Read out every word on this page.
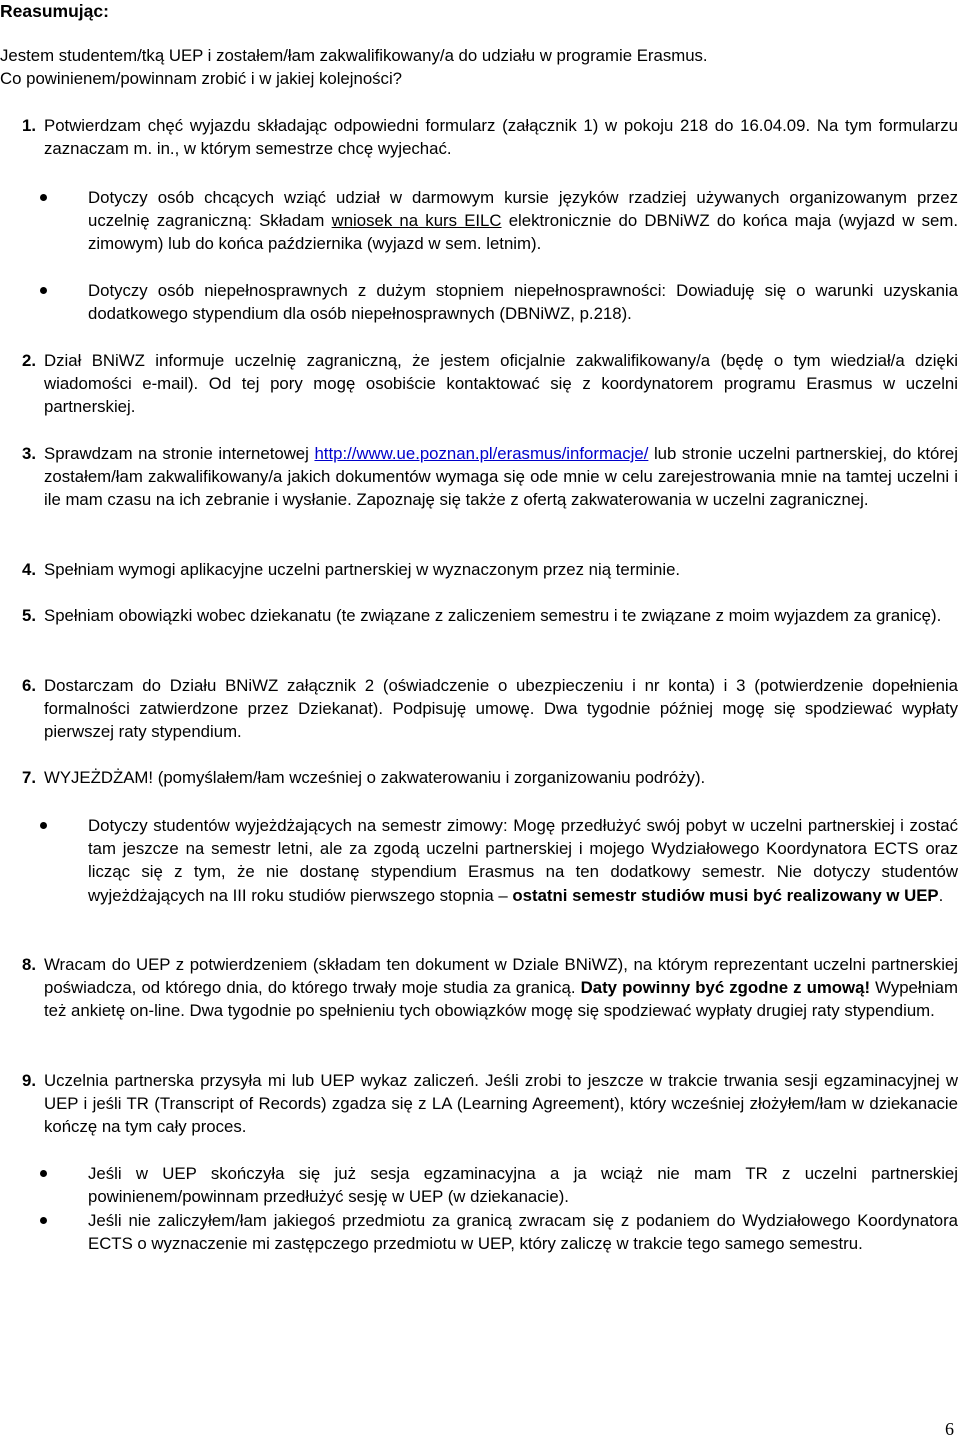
Reasumując:

Jestem studentem/tką UEP i zostałem/łam zakwalifikowany/a do udziału w programie Erasmus.

Co powinienem/powinnam zrobić i w jakiej kolejności?

1. Potwierdzam chęć wyjazdu składając odpowiedni formularz (załącznik 1) w pokoju 218 do 16.04.09. Na tym formularzu zaznaczam m. in., w którym semestrze chcę wyjechać.
Dotyczy osób chcących wziąć udział w darmowym kursie języków rzadziej używanych organizowanym przez uczelnię zagraniczną: Składam wniosek na kurs EILC elektronicznie do DBNiWZ do końca maja (wyjazd w sem. zimowym) lub do końca października (wyjazd w sem. letnim).
Dotyczy osób niepełnosprawnych z dużym stopniem niepełnosprawności: Dowiaduję się o warunki uzyskania dodatkowego stypendium dla osób niepełnosprawnych (DBNiWZ, p.218).
2. Dział BNiWZ informuje uczelnię zagraniczną, że jestem oficjalnie zakwalifikowany/a (będę o tym wiedział/a dzięki wiadomości e-mail). Od tej pory mogę osobiście kontaktować się z koordynatorem programu Erasmus w uczelni partnerskiej.
3. Sprawdzam na stronie internetowej http://www.ue.poznan.pl/erasmus/informacje/ lub stronie uczelni partnerskiej, do której zostałem/łam zakwalifikowany/a jakich dokumentów wymaga się ode mnie w celu zarejestrowania mnie na tamtej uczelni i ile mam czasu na ich zebranie i wysłanie. Zapoznaję się także z ofertą zakwaterowania w uczelni zagranicznej.
4. Spełniam wymogi aplikacyjne uczelni partnerskiej w wyznaczonym przez nią terminie.
5. Spełniam obowiązki wobec dziekanatu (te związane z zaliczeniem semestru i te związane z moim wyjazdem za granicę).
6. Dostarczam do Działu BNiWZ załącznik 2 (oświadczenie o ubezpieczeniu i nr konta) i 3 (potwierdzenie dopełnienia formalności zatwierdzone przez Dziekanat). Podpisuję umowę. Dwa tygodnie później mogę się spodziewać wypłaty pierwszej raty stypendium.
7. WYJEŻDŻAM! (pomyślałem/łam wcześniej o zakwaterowaniu i zorganizowaniu podróży).
Dotyczy studentów wyjeżdżających na semestr zimowy: Mogę przedłużyć swój pobyt w uczelni partnerskiej i zostać tam jeszcze na semestr letni, ale za zgodą uczelni partnerskiej i mojego Wydziałowego Koordynatora ECTS oraz licząc się z tym, że nie dostanę stypendium Erasmus na ten dodatkowy semestr. Nie dotyczy studentów wyjeżdżających na III roku studiów pierwszego stopnia – ostatni semestr studiów musi być realizowany w UEP.
8. Wracam do UEP z potwierdzeniem (składam ten dokument w Dziale BNiWZ), na którym reprezentant uczelni partnerskiej poświadcza, od którego dnia, do którego trwały moje studia za granicą. Daty powinny być zgodne z umową! Wypełniam też ankietę on-line. Dwa tygodnie po spełnieniu tych obowiązków mogę się spodziewać wypłaty drugiej raty stypendium.
9. Uczelnia partnerska przysyła mi lub UEP wykaz zaliczeń. Jeśli zrobi to jeszcze w trakcie trwania sesji egzaminacyjnej w UEP i jeśli TR (Transcript of Records) zgadza się z LA (Learning Agreement), który wcześniej złożyłem/łam w dziekanacie kończę na tym cały proces.
Jeśli w UEP skończyła się już sesja egzaminacyjna a ja wciąż nie mam TR z uczelni partnerskiej powinienem/powinnam przedłużyć sesję w UEP (w dziekanacie).
Jeśli nie zaliczyłem/łam jakiegoś przedmiotu za granicą zwracam się z podaniem do Wydziałowego Koordynatora ECTS o wyznaczenie mi zastępczego przedmiotu w UEP, który zaliczę w trakcie tego samego semestru.
6
